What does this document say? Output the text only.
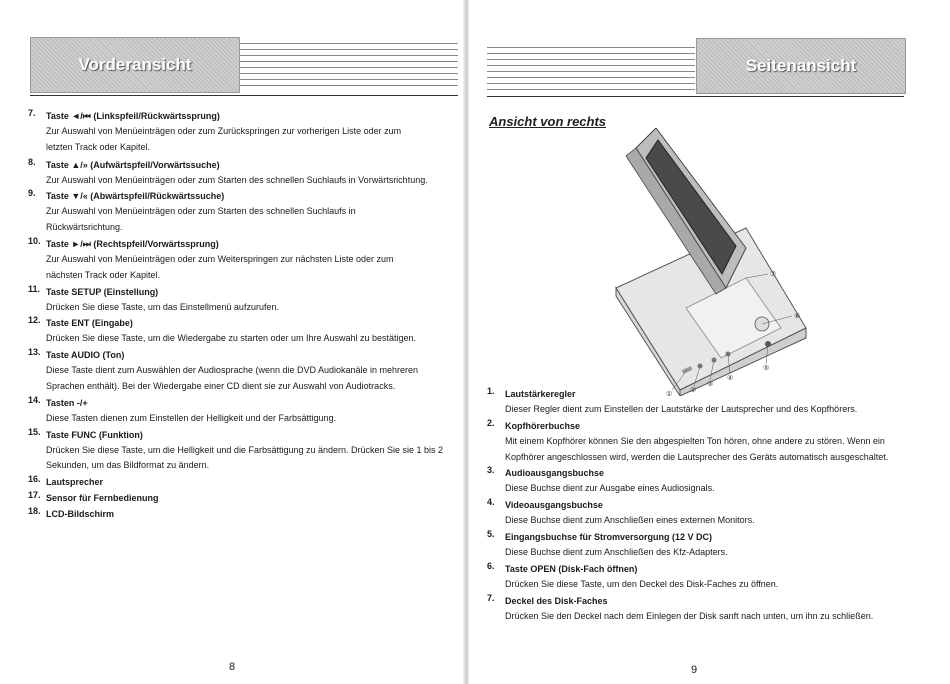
Vorderansicht
7. Taste ◄/⏮ (Linkspfeil/Rückwärtssprung)
Zur Auswahl von Menüeinträgen oder zum Zurückspringen zur vorherigen Liste oder zum letzten Track oder Kapitel.
8. Taste ▲/» (Aufwärtspfeil/Vorwärtssuche)
Zur Auswahl von Menüeinträgen oder zum Starten des schnellen Suchlaufs in Vorwärtsrichtung.
9. Taste ▼/« (Abwärtspfeil/Rückwärtssuche)
Zur Auswahl von Menüeinträgen oder zum Starten des schnellen Suchlaufs in Rückwärtsrichtung.
10. Taste ►/⏭ (Rechtspfeil/Vorwärtssprung)
Zur Auswahl von Menüeinträgen oder zum Weiterspringen zur nächsten Liste oder zum nächsten Track oder Kapitel.
11. Taste SETUP (Einstellung)
Drücken Sie diese Taste, um das Einstellmenü aufzurufen.
12. Taste ENT (Eingabe)
Drücken Sie diese Taste, um die Wiedergabe zu starten oder um Ihre Auswahl zu bestätigen.
13. Taste AUDIO (Ton)
Diese Taste dient zum Auswählen der Audiosprache (wenn die DVD Audiokanäle in mehreren Sprachen enthält). Bei der Wiedergabe einer CD dient sie zur Auswahl von Audiotracks.
14. Tasten -/+
Diese Tasten dienen zum Einstellen der Helligkeit und der Farbsättigung.
15. Taste FUNC (Funktion)
Drücken Sie diese Taste, um die Helligkeit und die Farbsättigung zu ändern. Drücken Sie sie 1 bis 2 Sekunden, um das Bildformat zu ändern.
16. Lautsprecher
17. Sensor für Fernbedienung
18. LCD-Bildschirm
8
Seitenansicht
Ansicht von rechts
①
②
③
④
⑤
⑥
⑦
1. Lautstärkeregler
Dieser Regler dient zum Einstellen der Lautstärke der Lautsprecher und des Kopfhörers.
2. Kopfhörerbuchse
Mit einem Kopfhörer können Sie den abgespielten Ton hören, ohne andere zu stören. Wenn ein Kopfhörer angeschlossen wird, werden die Lautsprecher des Geräts automatisch ausgeschaltet.
3. Audioausgangsbuchse
Diese Buchse dient zur Ausgabe eines Audiosignals.
4. Videoausgangsbuchse
Diese Buchse dient zum Anschließen eines externen Monitors.
5. Eingangsbuchse für Stromversorgung (12 V DC)
Diese Buchse dient zum Anschließen des Kfz-Adapters.
6. Taste OPEN (Disk-Fach öffnen)
Drücken Sie diese Taste, um den Deckel des Disk-Faches zu öffnen.
7. Deckel des Disk-Faches
Drücken Sie den Deckel nach dem Einlegen der Disk sanft nach unten, um ihn zu schließen.
9
